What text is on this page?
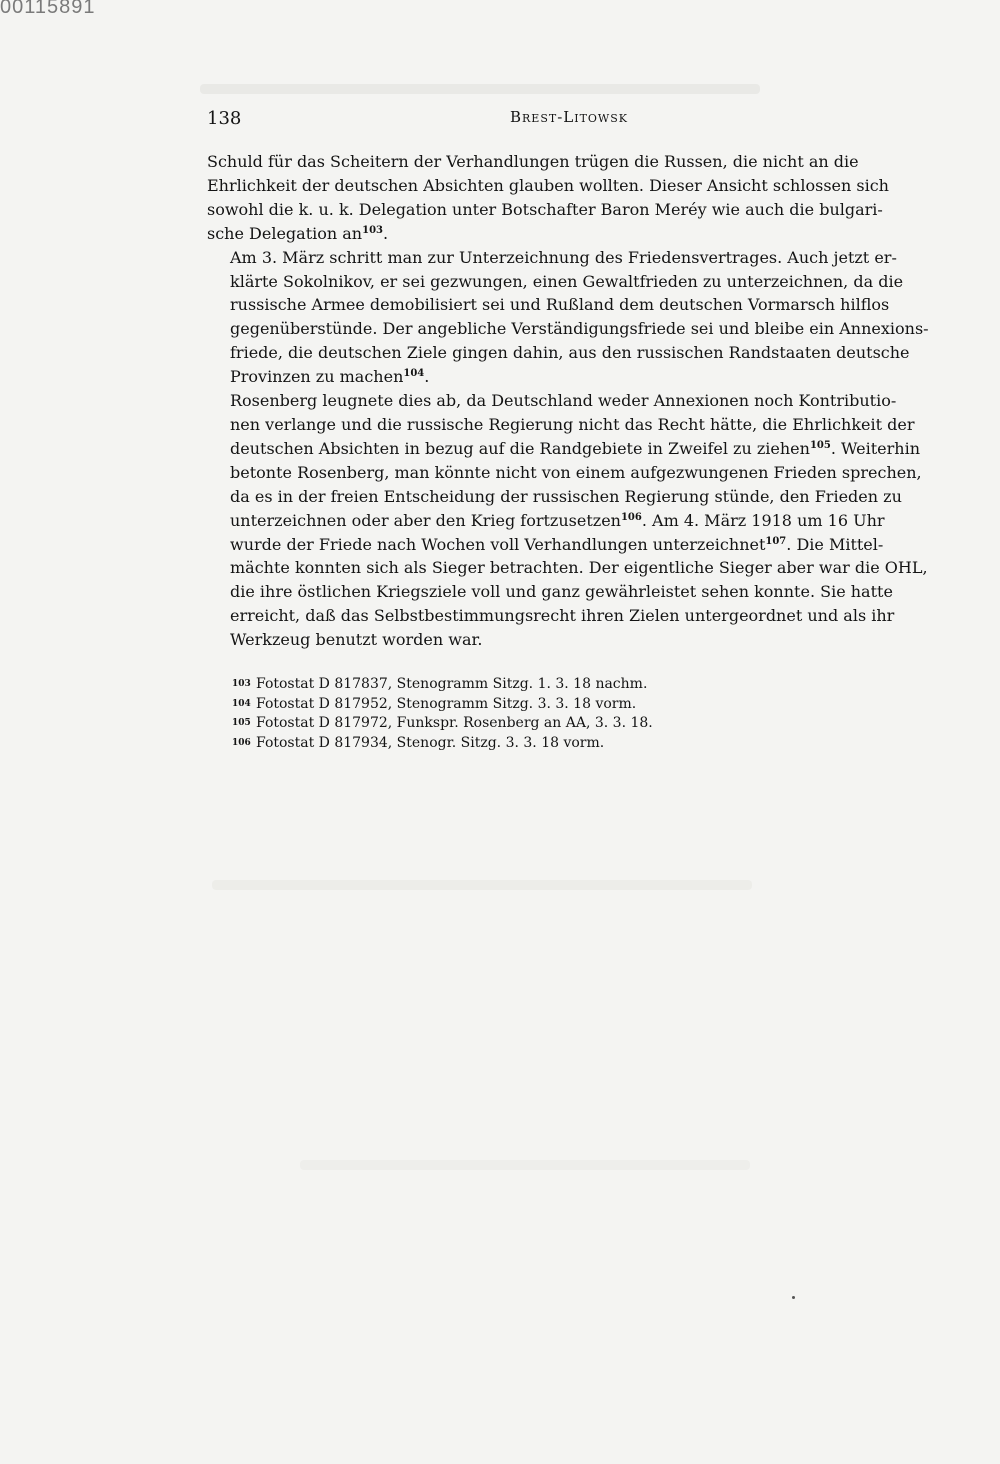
00115891
138	Brest-Litowsk
Schuld für das Scheitern der Verhandlungen trügen die Russen, die nicht an die
Ehrlichkeit der deutschen Absichten glauben wollten. Dieser Ansicht schlossen sich
sowohl die k. u. k. Delegation unter Botschafter Baron Meréy wie auch die bulgari-
sche Delegation $an^{103}$.
Am 3. März schritt man zur Unterzeichnung des Friedensvertrages. Auch jetzt er-
klärte Sokolnikov, er sei gezwungen, einen Gewaltfrieden zu unterzeichnen, da die
russische Armee demobilisiert sei und Rußland dem deutschen Vormarsch hilflos
gegenüberstünde. Der angebliche Verständigungsfriede sei und bleibe ein Annexions-
friede, die deutschen Ziele gingen dahin, aus den russischen Randstaaten deutsche
Provinzen zu machen$^{104}$.
Rosenberg leugnete dies ab, da Deutschland weder Annexionen noch Kontributio-
nen verlange und die russische Regierung nicht das Recht hätte, die Ehrlichkeit der
deutschen Absichten in bezug auf die Randgebiete in Zweifel zu ziehen$^{105}$. Weiterhin
betonte Rosenberg, man könnte nicht von einem aufgezwungenen Frieden sprechen,
da es in der freien Entscheidung der russischen Regierung stünde, den Frieden zu
unterzeichnen oder aber den Krieg fortzusetzen$^{106}$. Am 4. März 1918 um 16 Uhr
wurde der Friede nach Wochen voll Verhandlungen unterzeichnet$^{107}$. Die Mittel-
mächte konnten sich als Sieger betrachten. Der eigentliche Sieger aber war die OHL,
die ihre östlichen Kriegsziele voll und ganz gewährleistet sehen konnte. Sie hatte
erreicht, daß das Selbstbestimmungsrecht ihren Zielen untergeordnet und als ihr
Werkzeug benutzt worden war.
103 Fotostat D 817837, Stenogramm Sitzg. 1. 3. 18 nachm.
104 Fotostat D 817952, Stenogramm Sitzg. 3. 3. 18 vorm.
105 Fotostat D 817972, Funkspr. Rosenberg an AA, 3. 3. 18.
106 Fotostat D 817934, Stenogr. Sitzg. 3. 3. 18 vorm.
